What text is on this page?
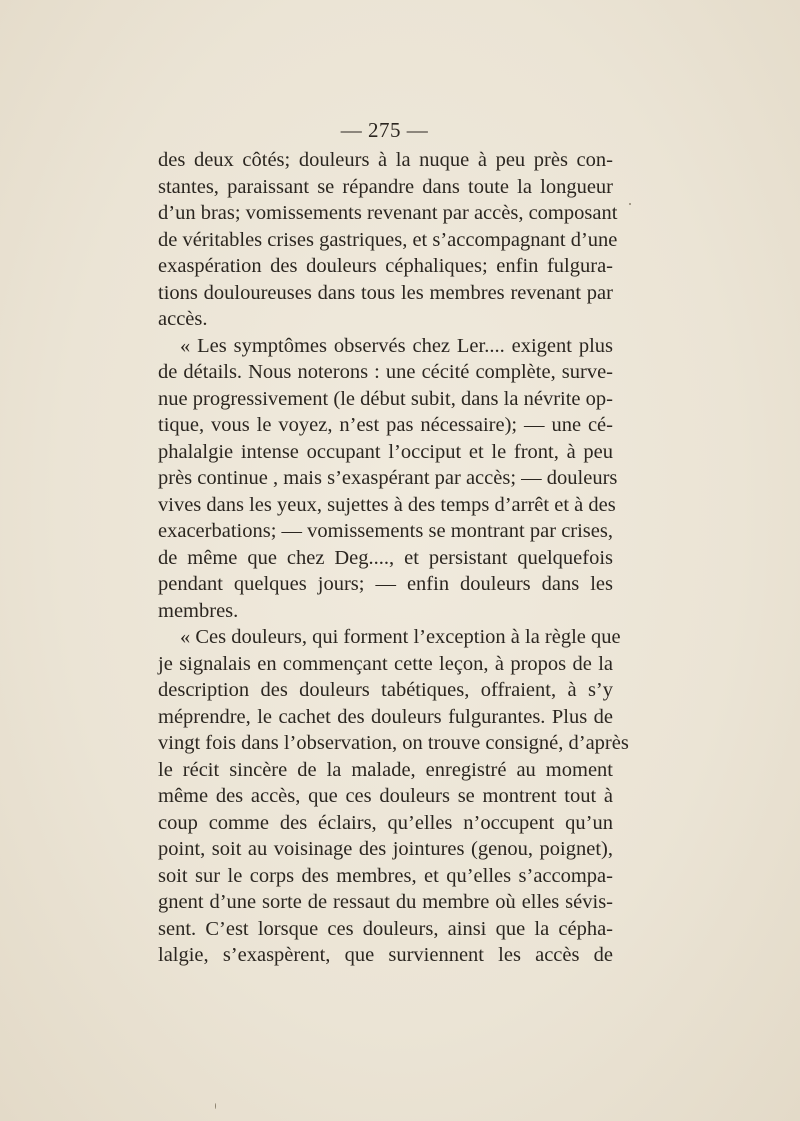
— 275 —
des deux côtés; douleurs à la nuque à peu près con-
stantes, paraissant se répandre dans toute la longueur
d’un bras; vomissements revenant par accès, composant
de véritables crises gastriques, et s’accompagnant d’une
exaspération des douleurs céphaliques; enfin fulgura-
tions douloureuses dans tous les membres revenant par
accès.
« Les symptômes observés chez Ler.... exigent plus
de détails. Nous noterons : une cécité complète, surve-
nue progressivement (le début subit, dans la névrite op-
tique, vous le voyez, n’est pas nécessaire); — une cé-
phalalgie intense occupant l’occiput et le front, à peu
près continue , mais s’exaspérant par accès; — douleurs
vives dans les yeux, sujettes à des temps d’arrêt et à des
exacerbations; — vomissements se montrant par crises,
de même que chez Deg...., et persistant quelquefois
pendant quelques jours; — enfin douleurs dans les
membres.
« Ces douleurs, qui forment l’exception à la règle que
je signalais en commençant cette leçon, à propos de la
description des douleurs tabétiques, offraient, à s’y
méprendre, le cachet des douleurs fulgurantes. Plus de
vingt fois dans l’observation, on trouve consigné, d’après
le récit sincère de la malade, enregistré au moment
même des accès, que ces douleurs se montrent tout à
coup comme des éclairs, qu’elles n’occupent qu’un
point, soit au voisinage des jointures (genou, poignet),
soit sur le corps des membres, et qu’elles s’accompa-
gnent d’une sorte de ressaut du membre où elles sévis-
sent. C’est lorsque ces douleurs, ainsi que la cépha-
lalgie, s’exaspèrent, que surviennent les accès de
